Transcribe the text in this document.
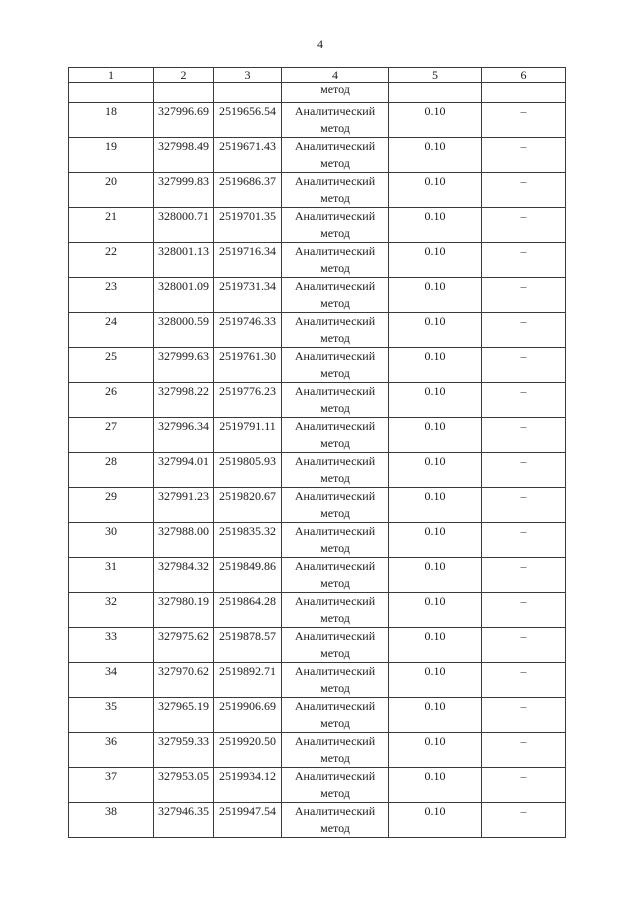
4
1	2	3	4	5	6
			метод		
18	327996.69	2519656.54	Аналитический
метод	0.10	–
19	327998.49	2519671.43	Аналитический
метод	0.10	–
20	327999.83	2519686.37	Аналитический
метод	0.10	–
21	328000.71	2519701.35	Аналитический
метод	0.10	–
22	328001.13	2519716.34	Аналитический
метод	0.10	–
23	328001.09	2519731.34	Аналитический
метод	0.10	–
24	328000.59	2519746.33	Аналитический
метод	0.10	–
25	327999.63	2519761.30	Аналитический
метод	0.10	–
26	327998.22	2519776.23	Аналитический
метод	0.10	–
27	327996.34	2519791.11	Аналитический
метод	0.10	–
28	327994.01	2519805.93	Аналитический
метод	0.10	–
29	327991.23	2519820.67	Аналитический
метод	0.10	–
30	327988.00	2519835.32	Аналитический
метод	0.10	–
31	327984.32	2519849.86	Аналитический
метод	0.10	–
32	327980.19	2519864.28	Аналитический
метод	0.10	–
33	327975.62	2519878.57	Аналитический
метод	0.10	–
34	327970.62	2519892.71	Аналитический
метод	0.10	–
35	327965.19	2519906.69	Аналитический
метод	0.10	–
36	327959.33	2519920.50	Аналитический
метод	0.10	–
37	327953.05	2519934.12	Аналитический
метод	0.10	–
38	327946.35	2519947.54	Аналитический
метод	0.10	–
